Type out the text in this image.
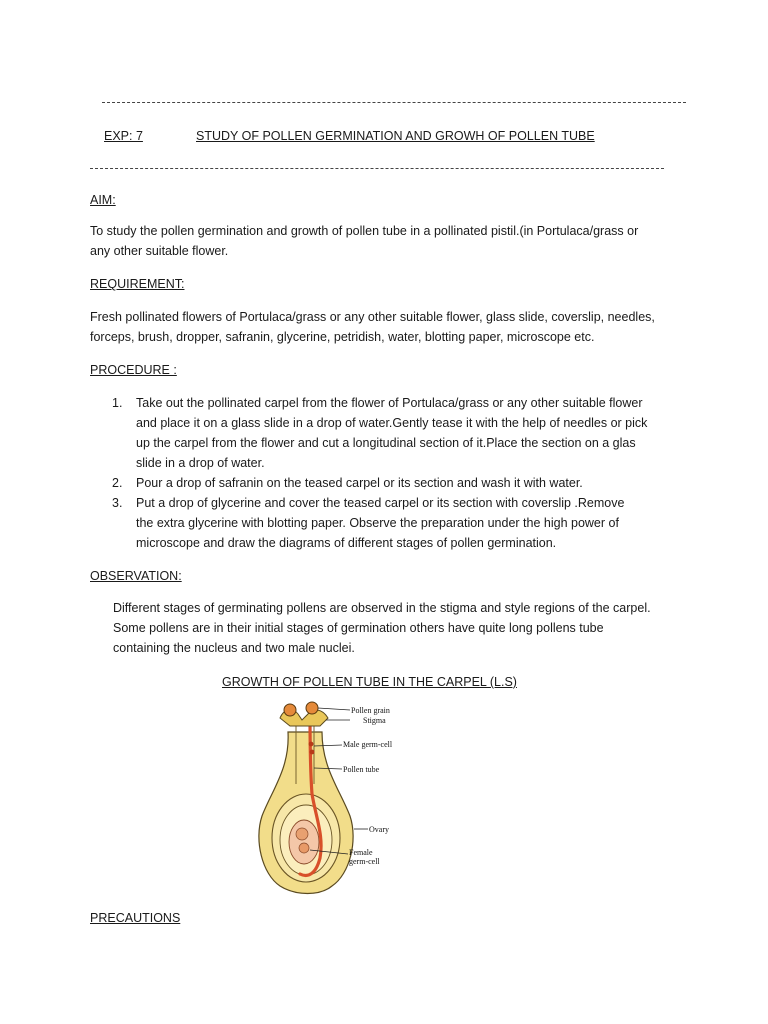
EXP: 7	STUDY OF POLLEN GERMINATION AND GROWH OF POLLEN TUBE
AIM:
To study the pollen germination and growth of pollen tube in a pollinated pistil.(in Portulaca/grass or
any other suitable flower.
REQUIREMENT:
Fresh pollinated flowers of Portulaca/grass or any other suitable flower, glass slide, coverslip, needles,
forceps, brush, dropper, safranin, glycerine, petridish, water, blotting paper, microscope etc.
PROCEDURE :
1. Take out the pollinated carpel from the flower of Portulaca/grass or any other suitable flower
and place it on a glass slide in a drop of water.Gently tease it with the help of needles or pick
up the carpel from the flower and cut a longitudinal section of it.Place the section on a glas
slide in a drop of water.
2. Pour a drop of safranin on the teased carpel or its section and wash it with water.
3. Put a drop of glycerine and cover the teased carpel or its section with coverslip .Remove
the extra glycerine with blotting paper. Observe the preparation under the high power of
microscope and draw the diagrams of different stages of pollen germination.
OBSERVATION:
Different stages of germinating pollens are observed in the stigma and style regions of the carpel.
Some pollens are in their initial stages of germination others have quite long pollens tube
containing the nucleus and two male nuclei.
GROWTH OF POLLEN TUBE IN THE CARPEL (L.S)
Pollen grain
Stigma
Male germ-cell
Pollen tube
Ovary
Female
germ-cell
PRECAUTIONS
